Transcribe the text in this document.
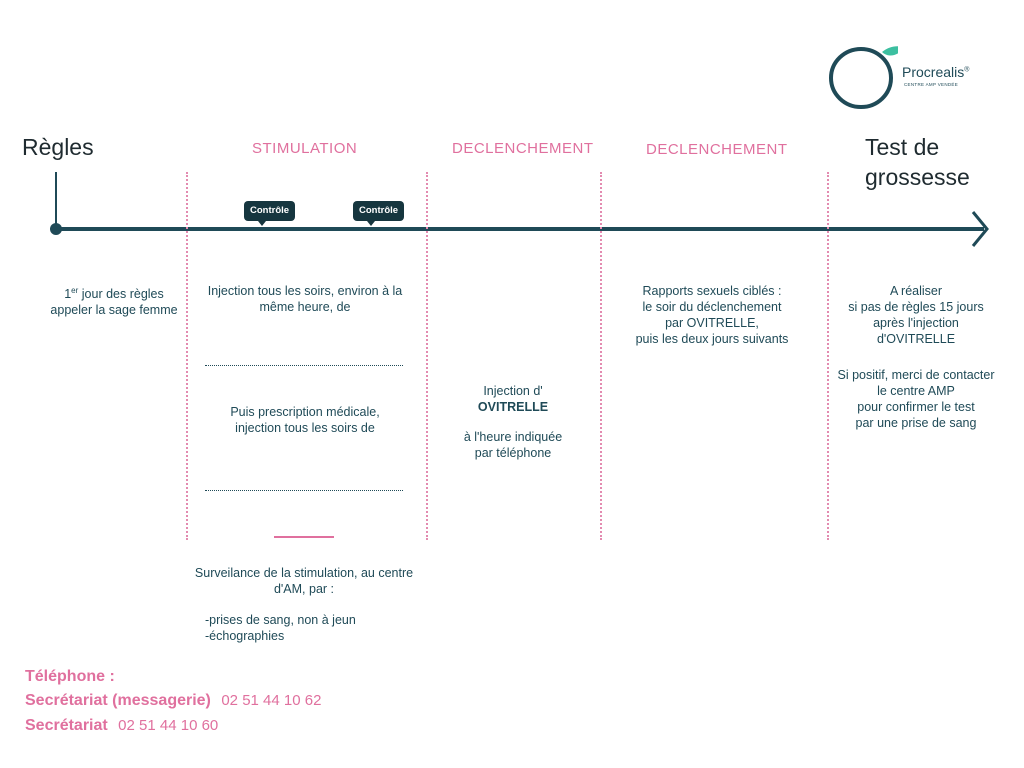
Procrealis®
CENTRE AMP VENDÉE
Règles	STIMULATION	DECLENCHEMENT	DECLENCHEMENT	Test de
grossesse
Contrôle	Contrôle
1er jour des règles
appeler la sage femme
Injection tous les soirs, environ à la
même heure, de
Puis prescription médicale,
injection tous les soirs de
Surveilance de la stimulation, au centre
d'AM, par :
-prises de sang, non à jeun
-échographies
Injection d'
OVITRELLE
à l'heure indiquée
par téléphone
Rapports sexuels ciblés :
le soir du déclenchement
par OVITRELLE,
puis les deux jours suivants
A réaliser
si pas de règles 15 jours
après l'injection
d'OVITRELLE
Si positif, merci de contacter
le centre AMP
pour confirmer le test
par une prise de sang
Téléphone :
Secrétariat (messagerie) 02 51 44 10 62
Secrétariat 02 51 44 10 60
